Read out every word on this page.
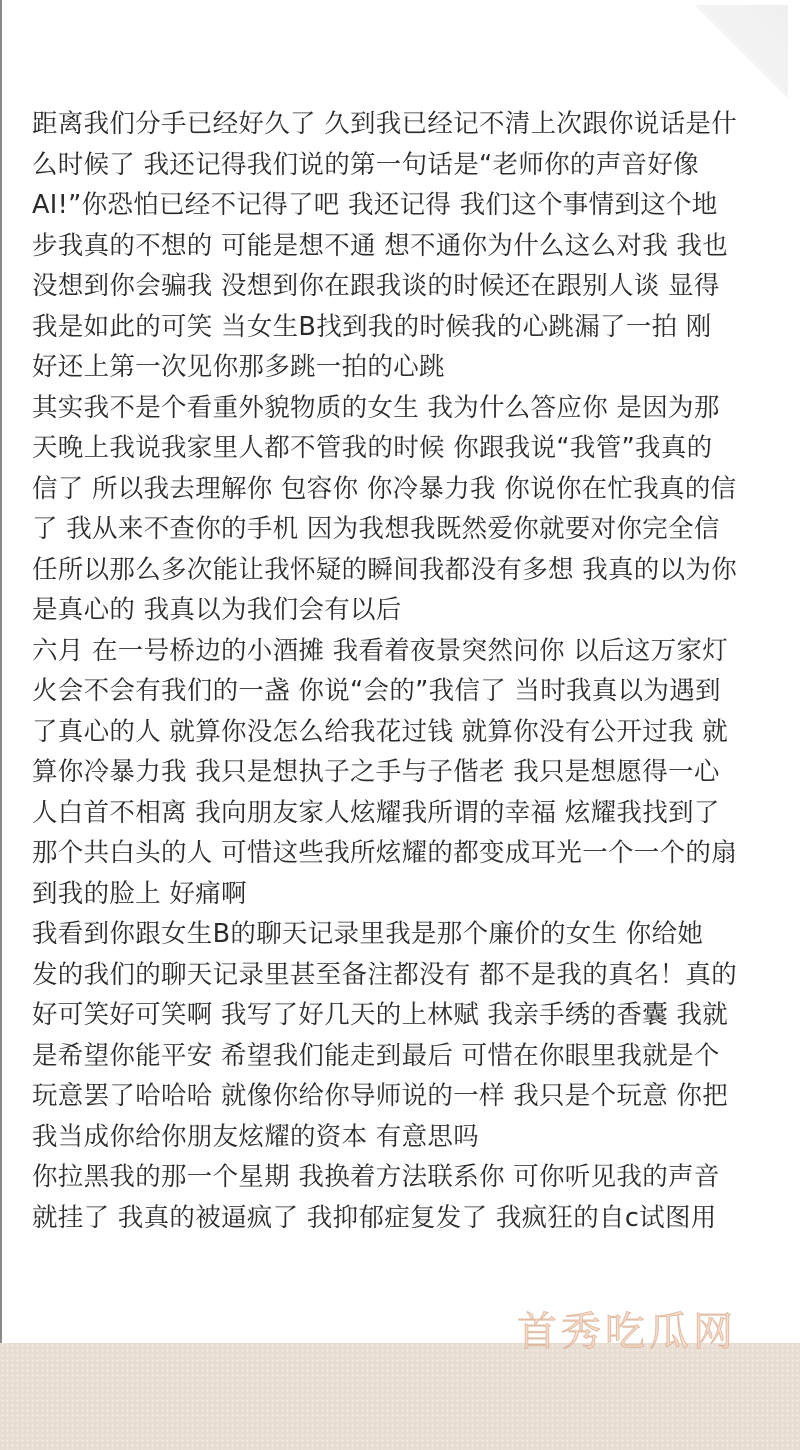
距离我们分手已经好久了 久到我已经记不清上次跟你说话是什
么时候了 我还记得我们说的第一句话是“老师你的声音好像
AI!”你恐怕已经不记得了吧 我还记得 我们这个事情到这个地
步我真的不想的 可能是想不通 想不通你为什么这么对我 我也
没想到你会骗我 没想到你在跟我谈的时候还在跟别人谈 显得
我是如此的可笑 当女生B找到我的时候我的心跳漏了一拍 刚
好还上第一次见你那多跳一拍的心跳
其实我不是个看重外貌物质的女生 我为什么答应你 是因为那
天晚上我说我家里人都不管我的时候 你跟我说“我管”我真的
信了 所以我去理解你 包容你 你冷暴力我 你说你在忙我真的信
了 我从来不查你的手机 因为我想我既然爱你就要对你完全信
任所以那么多次能让我怀疑的瞬间我都没有多想 我真的以为你
是真心的 我真以为我们会有以后
六月 在一号桥边的小酒摊 我看着夜景突然问你 以后这万家灯
火会不会有我们的一盏 你说“会的”我信了 当时我真以为遇到
了真心的人 就算你没怎么给我花过钱 就算你没有公开过我 就
算你冷暴力我 我只是想执子之手与子偕老 我只是想愿得一心
人白首不相离 我向朋友家人炫耀我所谓的幸福 炫耀我找到了
那个共白头的人 可惜这些我所炫耀的都变成耳光一个一个的扇
到我的脸上 好痛啊
我看到你跟女生B的聊天记录里我是那个廉价的女生 你给她
发的我们的聊天记录里甚至备注都没有 都不是我的真名！真的
好可笑好可笑啊 我写了好几天的上林赋 我亲手绣的香囊 我就
是希望你能平安 希望我们能走到最后 可惜在你眼里我就是个
玩意罢了哈哈哈 就像你给你导师说的一样 我只是个玩意 你把
我当成你给你朋友炫耀的资本 有意思吗
你拉黑我的那一个星期 我换着方法联系你 可你听见我的声音
就挂了 我真的被逼疯了 我抑郁症复发了 我疯狂的自c试图用
首秀吃瓜网
